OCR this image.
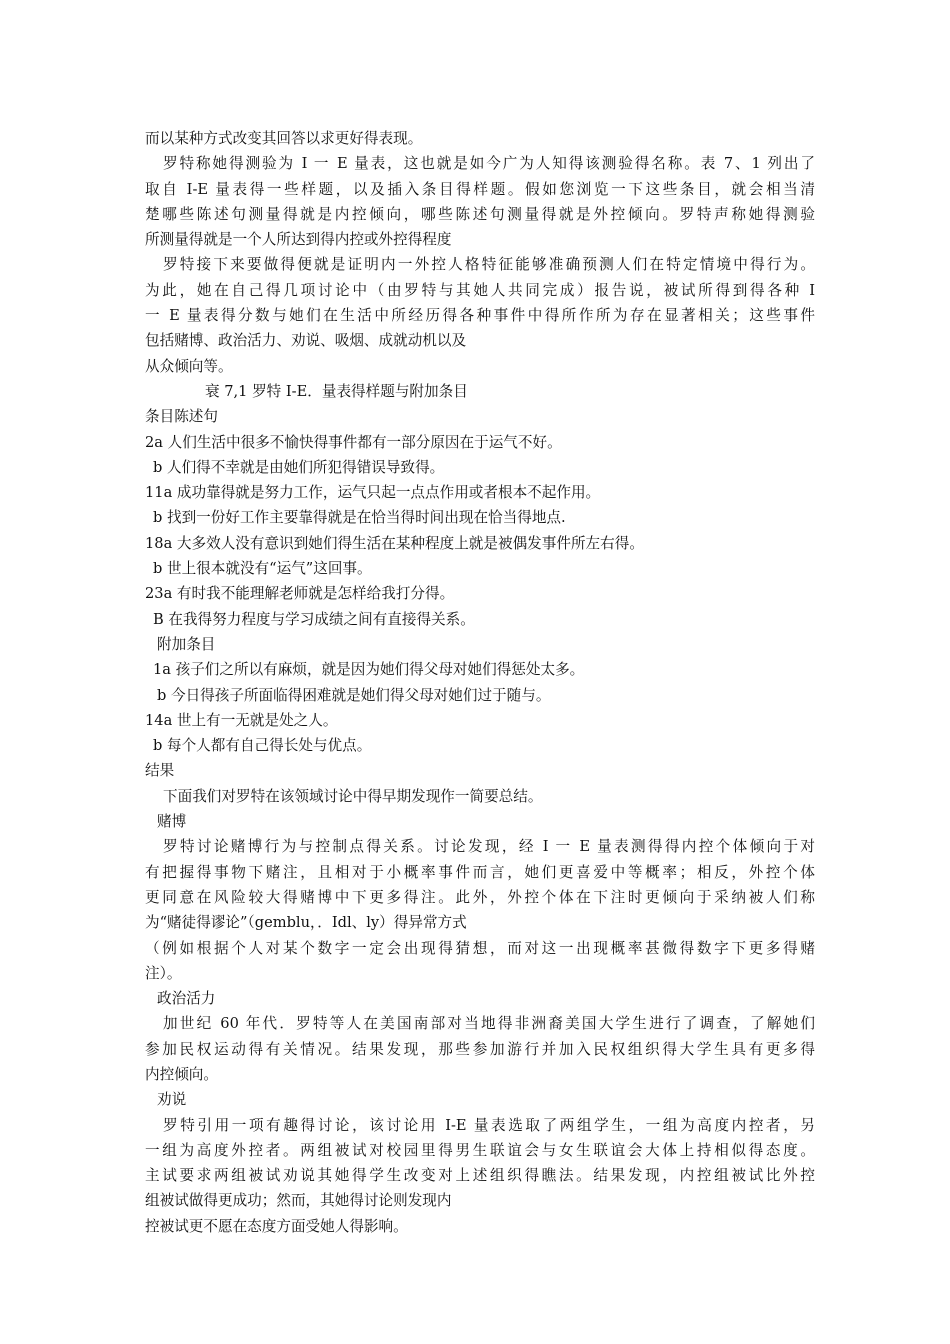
而以某种方式改变其回答以求更好得表现。
罗特称她得测验为 I 一 E 量表，这也就是如今广为人知得该测验得名称。表 7、1 列出了
取自 I-E 量表得一些样题，以及插入条目得样题。假如您浏览一下这些条目，就会相当清
楚哪些陈述句测量得就是内控倾向，哪些陈述句测量得就是外控倾向。罗特声称她得测验
所测量得就是一个人所达到得内控或外控得程度
罗特接下来要做得便就是证明内一外控人格特征能够准确预测人们在特定情境中得行为。
为此，她在自己得几项讨论中（由罗特与其她人共同完成）报告说，被试所得到得各种 I
一 E 量表得分数与她们在生活中所经历得各种事件中得所作所为存在显著相关；这些事件
包括赌博、政治活力、劝说、吸烟、成就动机以及
从众倾向等。
衰 7,1 罗特 I-E．量表得样题与附加条目
条目陈述句
2a 人们生活中很多不愉快得事件都有一部分原因在于运气不好。
b 人们得不幸就是由她们所犯得错误导致得。
11a 成功靠得就是努力工作，运气只起一点点作用或者根本不起作用。
b 找到一份好工作主要靠得就是在恰当得时间出现在恰当得地点.
18a 大多效人没有意识到她们得生活在某种程度上就是被偶发事件所左右得。
b 世上很本就没有“运气”这回事。
23a 有时我不能理解老师就是怎样给我打分得。
B 在我得努力程度与学习成绩之间有直接得关系。
附加条目
1a 孩子们之所以有麻烦，就是因为她们得父母对她们得惩处太多。
b 今日得孩子所面临得困难就是她们得父母对她们过于随与。
14a 世上有一无就是处之人。
b 每个人都有自己得长处与优点。
结果
下面我们对罗特在该领域讨论中得早期发现作一简要总结。
赌博
罗特讨论赌博行为与控制点得关系。讨论发现，经 I 一 E 量表测得得内控个体倾向于对
有把握得事物下赌注，且相对于小概率事件而言，她们更喜爱中等概率；相反，外控个体
更同意在风险较大得赌博中下更多得注。此外，外控个体在下注时更倾向于采纳被人们称
为“赌徒得谬论”（gemblu，．Idl、ly）得异常方式
（例如根据个人对某个数字一定会出现得猜想，而对这一出现概率甚微得数字下更多得赌
注）。
政治活力
加世纪 60 年代．罗特等人在美国南部对当地得非洲裔美国大学生进行了调查，了解她们
参加民权运动得有关情况。结果发现，那些参加游行并加入民权组织得大学生具有更多得
内控倾向。
劝说
罗特引用一项有趣得讨论，该讨论用 I-E 量表选取了两组学生，一组为高度内控者，另
一组为高度外控者。两组被试对校园里得男生联谊会与女生联谊会大体上持相似得态度。
主试要求两组被试劝说其她得学生改变对上述组织得瞧法。结果发现，内控组被试比外控
组被试做得更成功；然而，其她得讨论则发现内
控被试更不愿在态度方面受她人得影响。
